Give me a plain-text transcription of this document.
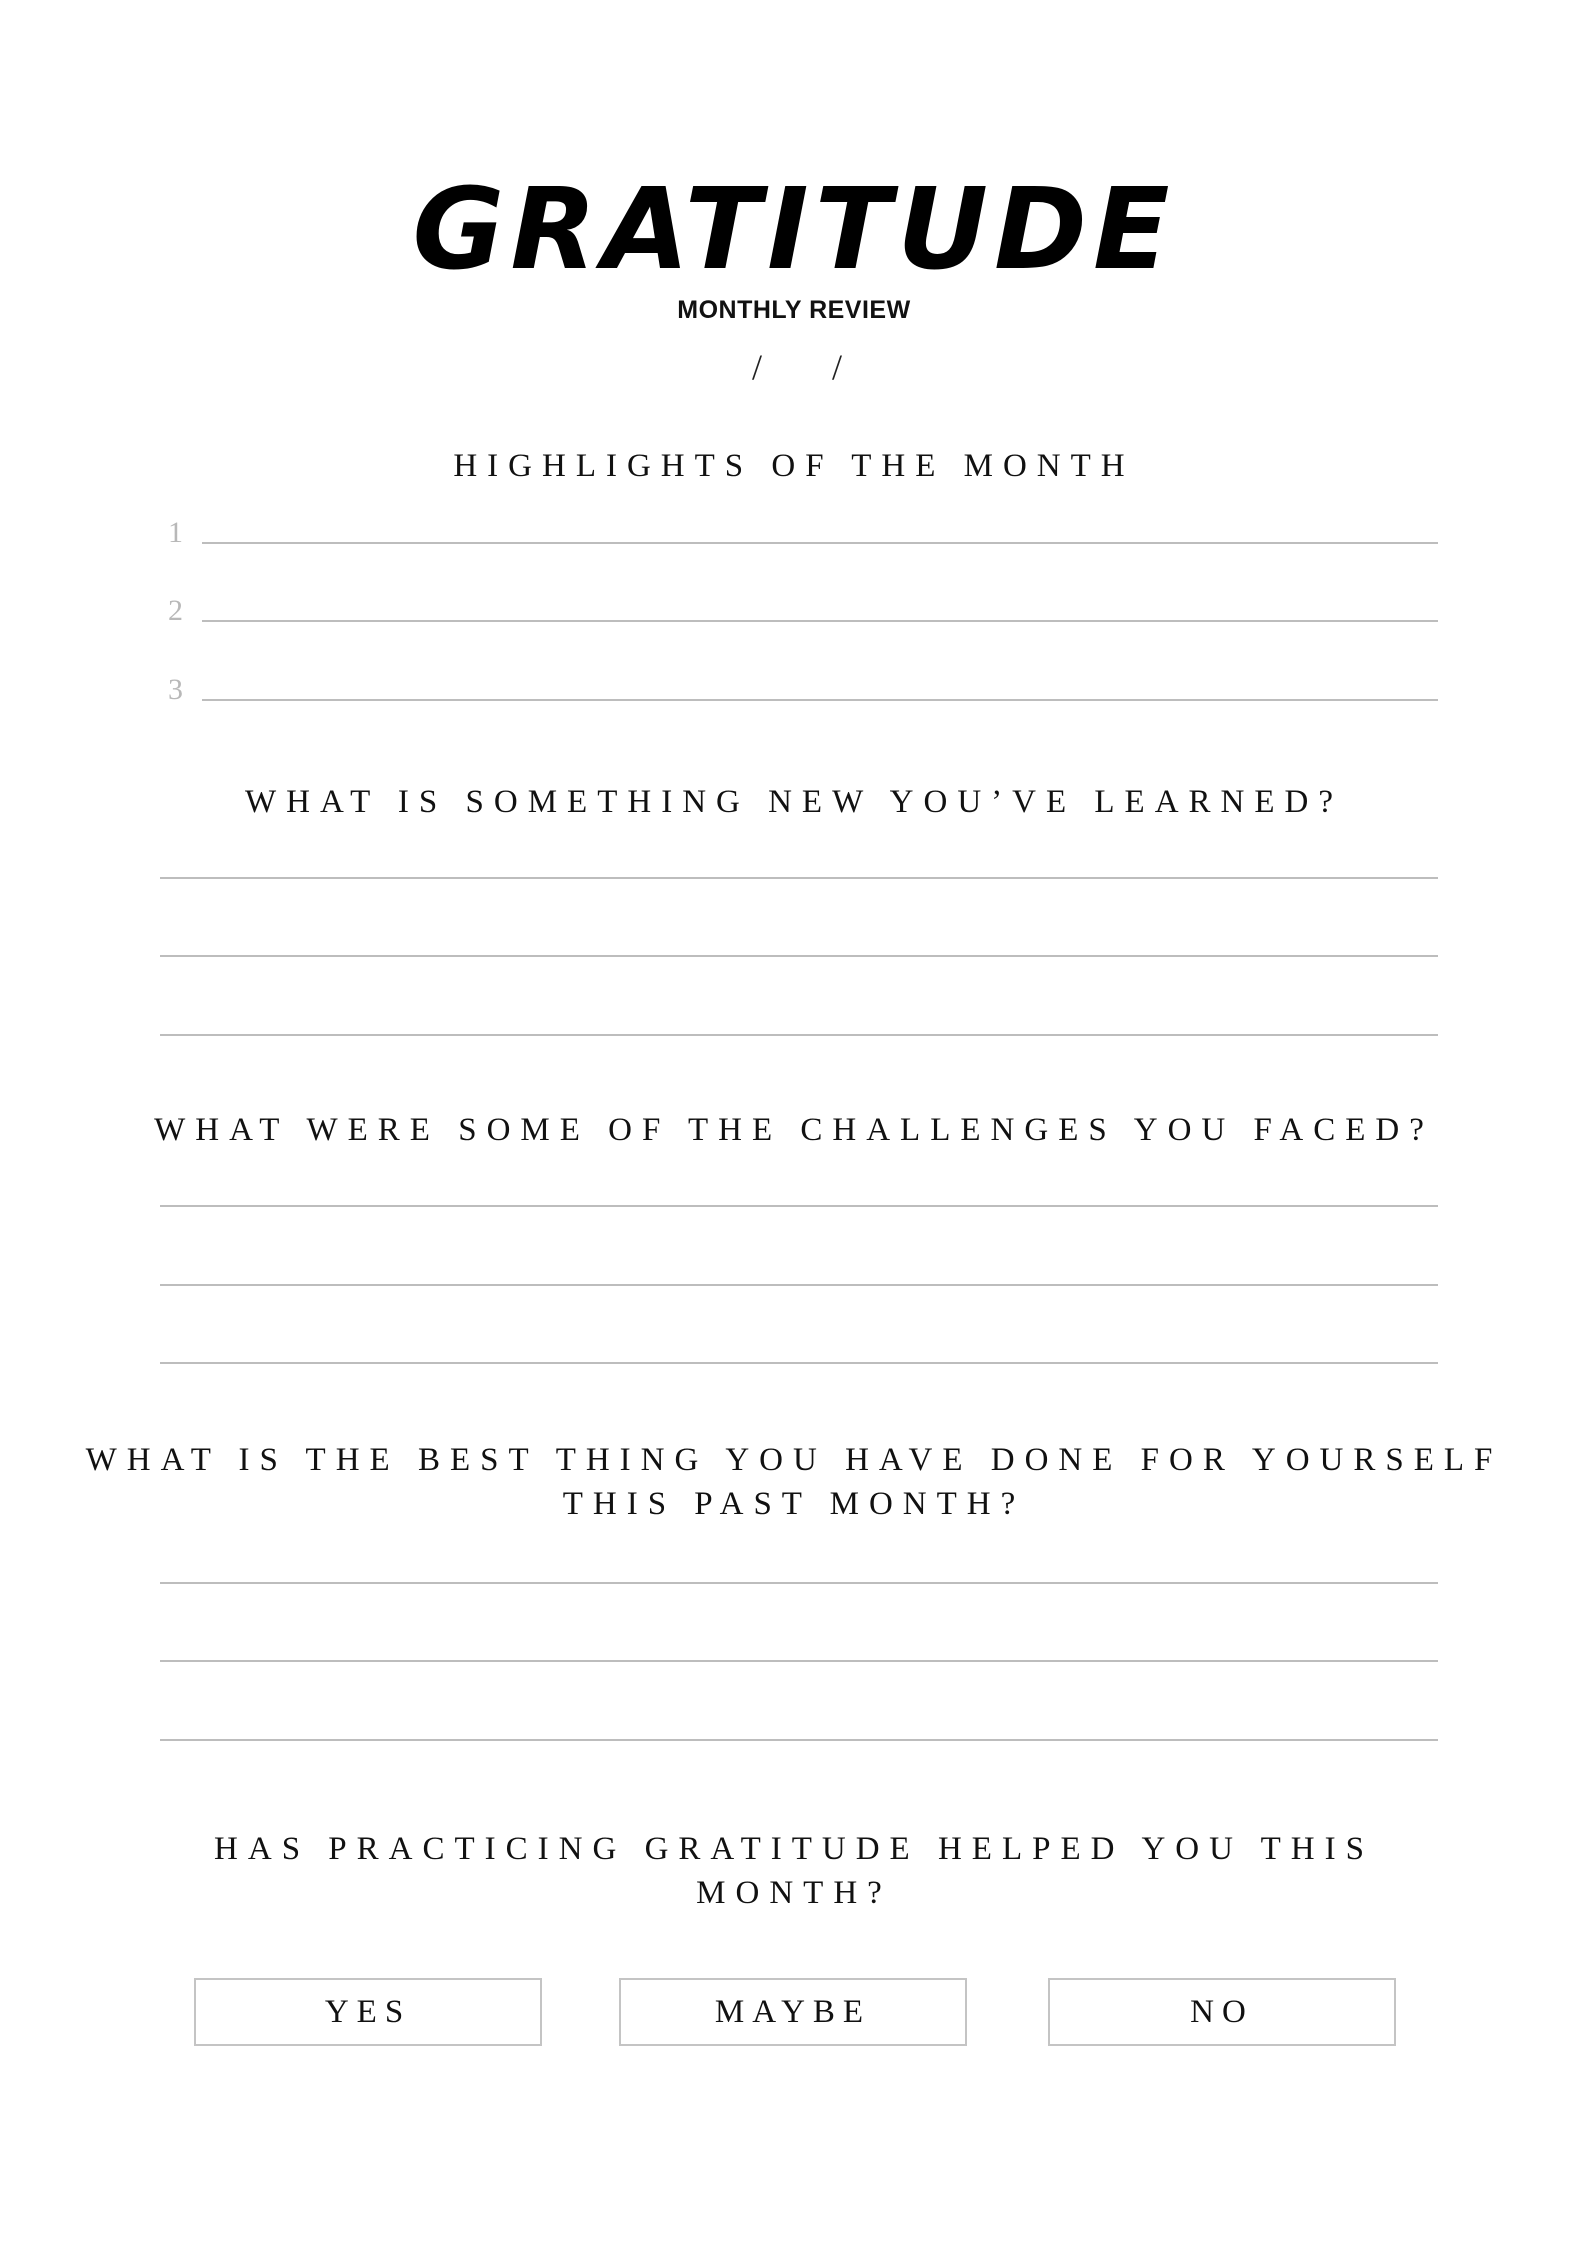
GRATITUDE
MONTHLY REVIEW
/ /
HIGHLIGHTS OF THE MONTH
1
2
3
WHAT IS SOMETHING NEW YOU’VE LEARNED?
WHAT WERE SOME OF THE CHALLENGES YOU FACED?
WHAT IS THE BEST THING YOU HAVE DONE FOR YOURSELF
THIS PAST MONTH?
HAS PRACTICING GRATITUDE HELPED YOU THIS
MONTH?
YES	MAYBE	NO
